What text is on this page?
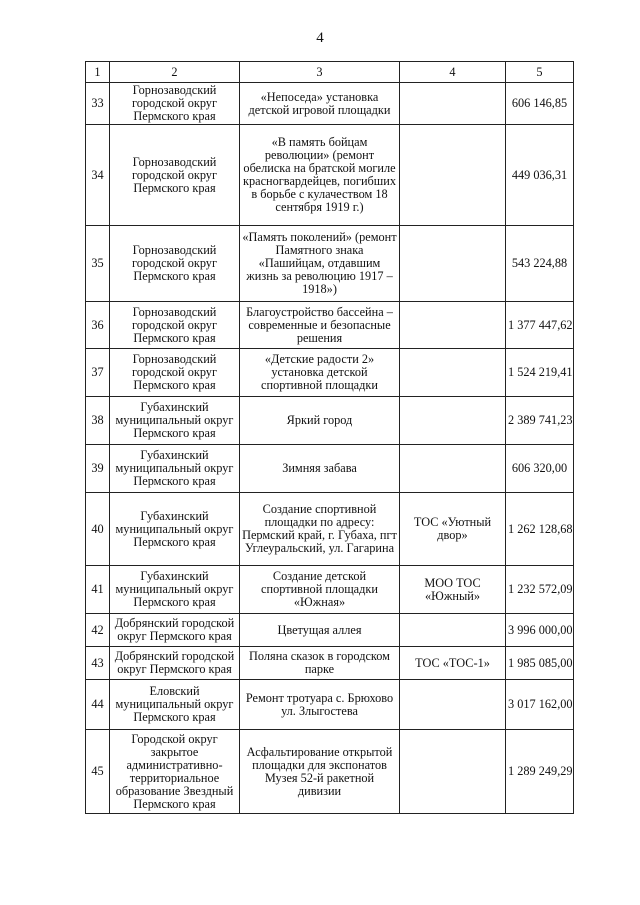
4
1	2	3	4	5
33	Горнозаводский городской округ Пермского края	«Непоседа» установка детской игровой площадки		606 146,85
34	Горнозаводский городской округ Пермского края	«В память бойцам революции» (ремонт обелиска на братской могиле красногвардейцев, погибших в борьбе с кулачеством 18 сентября 1919 г.)		449 036,31
35	Горнозаводский городской округ Пермского края	«Память поколений» (ремонт Памятного знака «Пашийцам, отдавшим жизнь за революцию 1917 – 1918»)		543 224,88
36	Горнозаводский городской округ Пермского края	Благоустройство бассейна – современные и безопасные решения		1 377 447,62
37	Горнозаводский городской округ Пермского края	«Детские радости 2» установка детской спортивной площадки		1 524 219,41
38	Губахинский муниципальный округ Пермского края	Яркий город		2 389 741,23
39	Губахинский муниципальный округ Пермского края	Зимняя забава		606 320,00
40	Губахинский муниципальный округ Пермского края	Создание спортивной площадки по адресу: Пермский край, г. Губаха, пгт Углеуральский, ул. Гагарина	ТОС «Уютный двор»	1 262 128,68
41	Губахинский муниципальный округ Пермского края	Создание детской спортивной площадки «Южная»	МОО ТОС «Южный»	1 232 572,09
42	Добрянский городской округ Пермского края	Цветущая аллея		3 996 000,00
43	Добрянский городской округ Пермского края	Поляна сказок в городском парке	ТОС «ТОС-1»	1 985 085,00
44	Еловский муниципальный округ Пермского края	Ремонт тротуара с. Брюхово ул. Злыгостева		3 017 162,00
45	Городской округ закрытое административно-территориальное образование Звездный Пермского края	Асфальтирование открытой площадки для экспонатов Музея 52-й ракетной дивизии		1 289 249,29
